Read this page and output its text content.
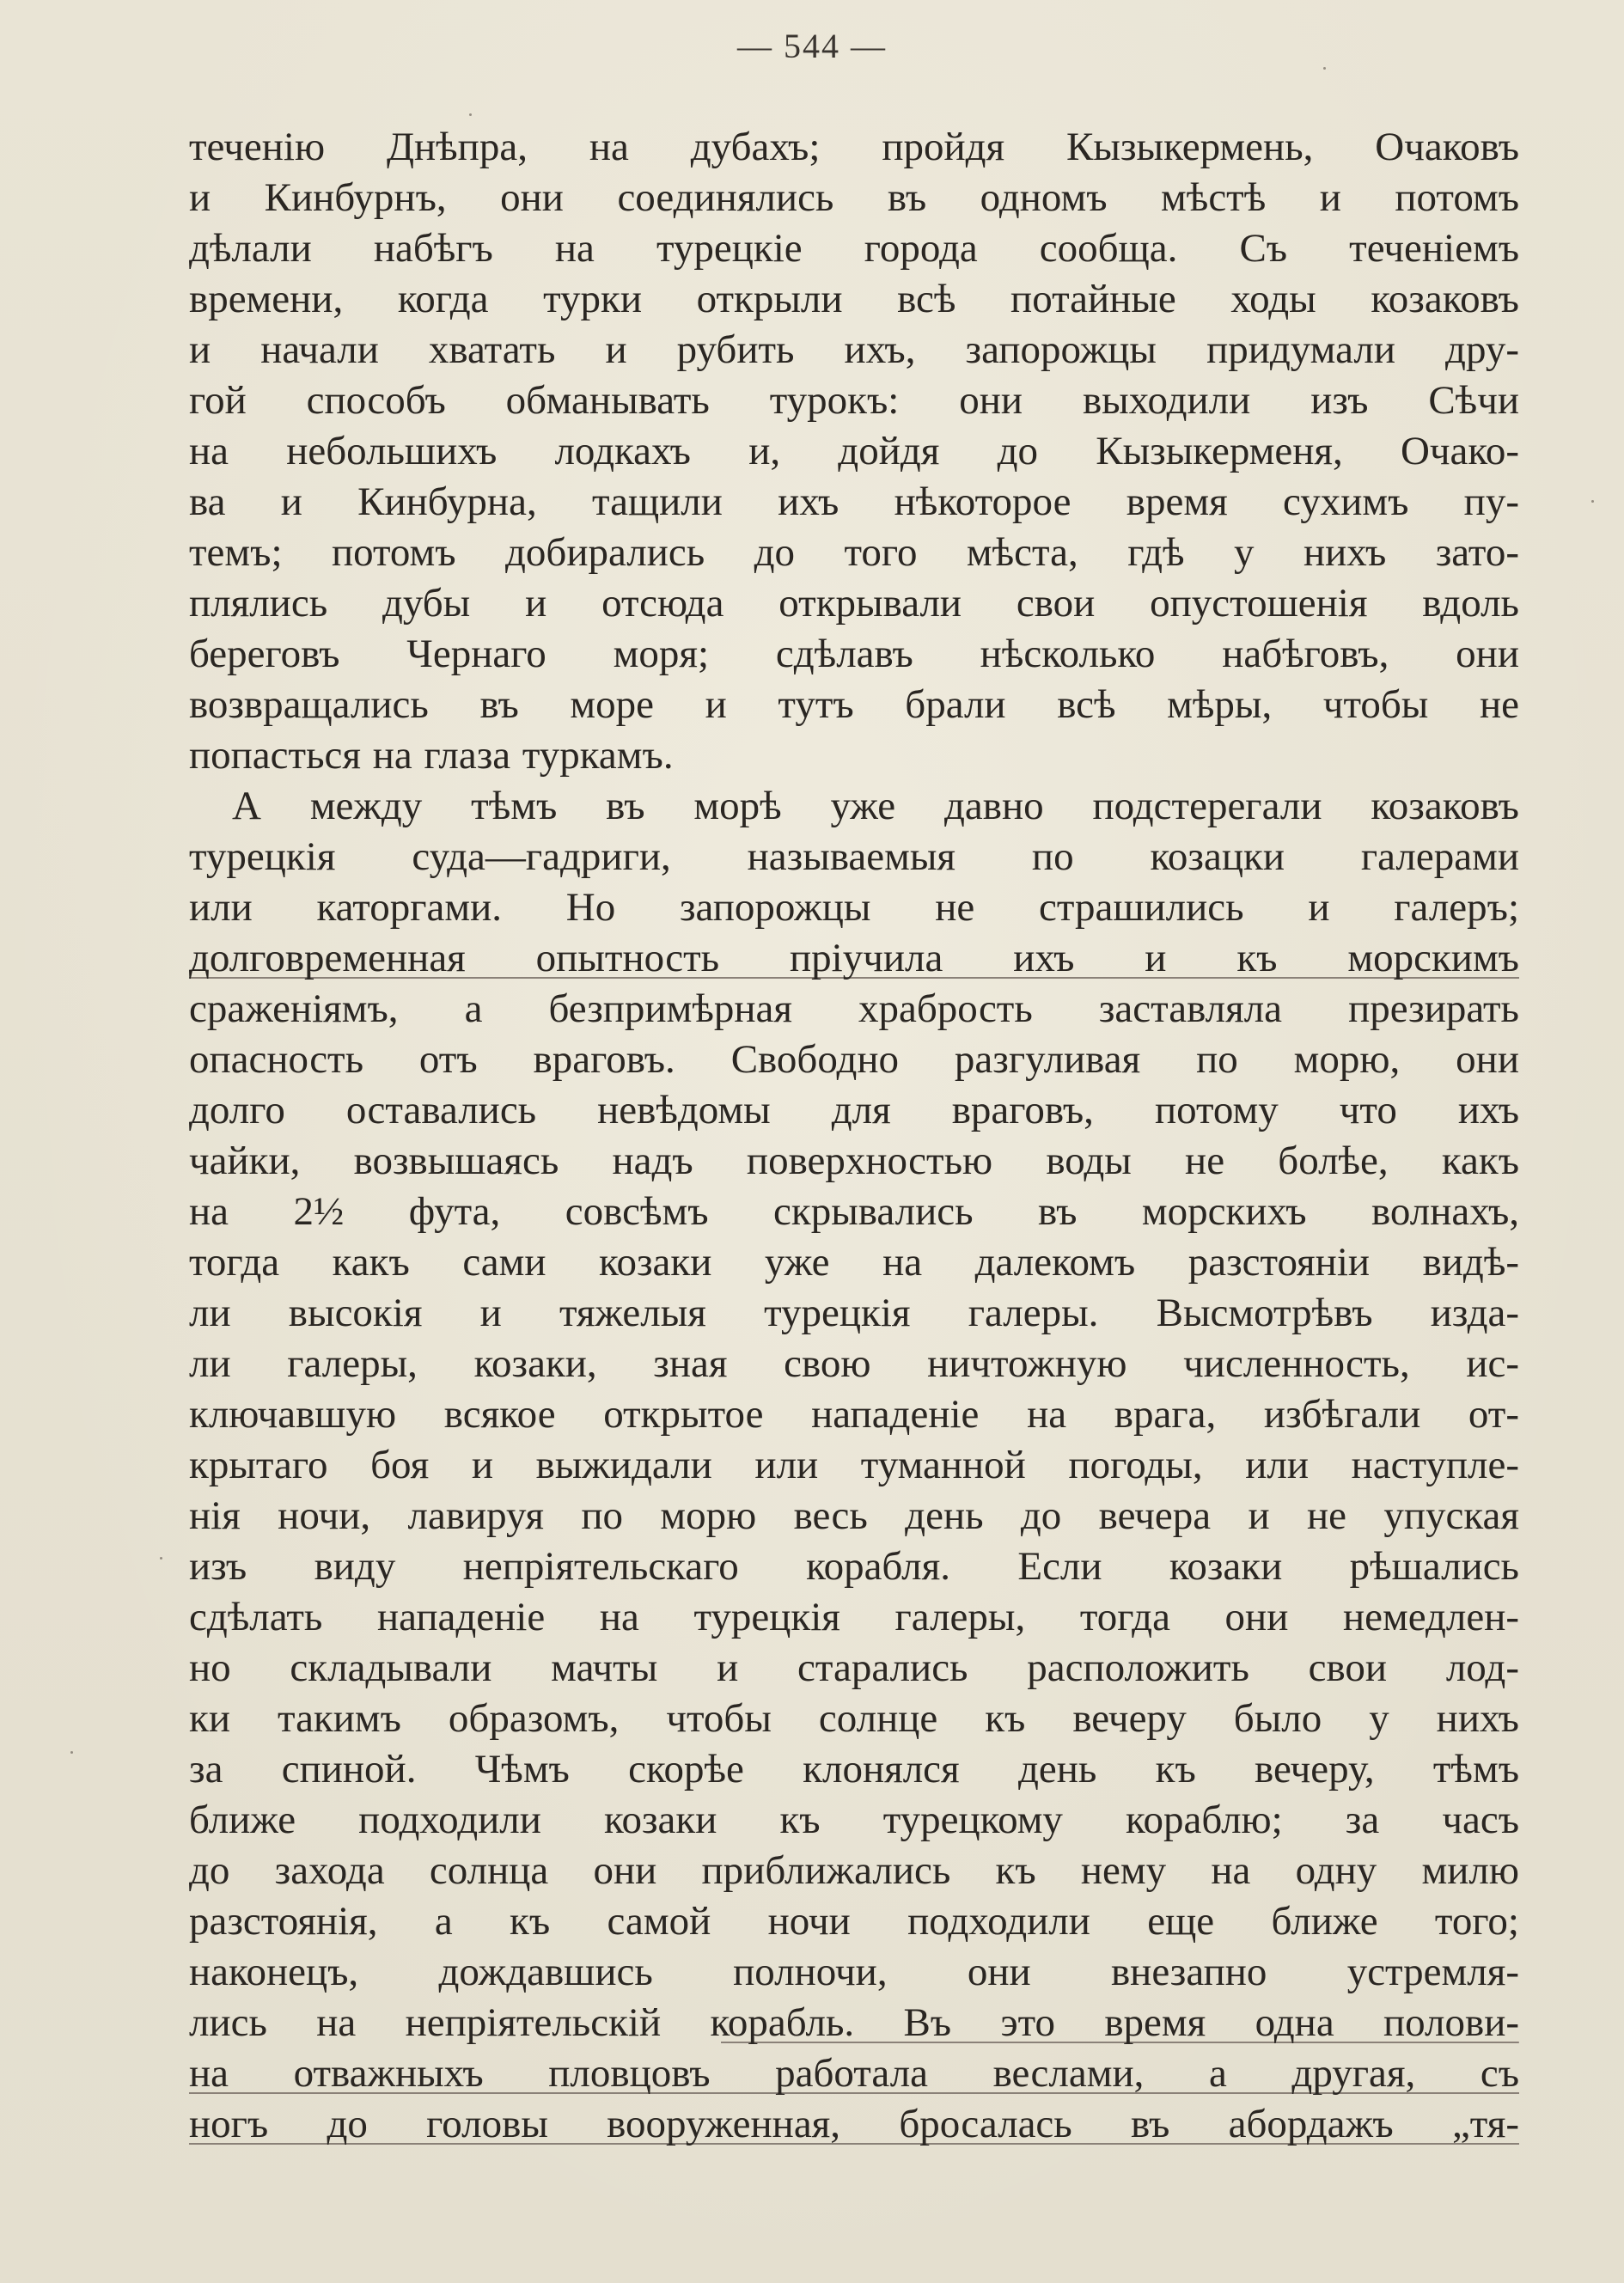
— 544 —
теченію Днѣпра, на дубахъ; пройдя Кызыкермень, Очаковъ
и Кинбурнъ, они соединялись въ одномъ мѣстѣ и потомъ
дѣлали набѣгъ на турецкіе города сообща. Съ теченіемъ
времени, когда турки открыли всѣ потайные ходы козаковъ
и начали хватать и рубить ихъ, запорожцы придумали дру-
гой способъ обманывать турокъ: они выходили изъ Сѣчи
на небольшихъ лодкахъ и, дойдя до Кызыкерменя, Очако-
ва и Кинбурна, тащили ихъ нѣкоторое время сухимъ пу-
темъ; потомъ добирались до того мѣста, гдѣ у нихъ зато-
плялись дубы и отсюда открывали свои опустошенія вдоль
береговъ Чернаго моря; сдѣлавъ нѣсколько набѣговъ, они
возвращались въ море и тутъ брали всѣ мѣры, чтобы не
попасться на глаза туркамъ.
А между тѣмъ въ морѣ уже давно подстерегали козаковъ
турецкія суда—гадриги, называемыя по козацки галерами
или каторгами. Но запорожцы не страшились и галеръ;
долговременная опытность пріучила ихъ и къ морскимъ
сраженіямъ, а безпримѣрная храбрость заставляла презирать
опасность отъ враговъ. Свободно разгуливая по морю, они
долго оставались невѣдомы для враговъ, потому что ихъ
чайки, возвышаясь надъ поверхностью воды не болѣе, какъ
на 2½ фута, совсѣмъ скрывались въ морскихъ волнахъ,
тогда какъ сами козаки уже на далекомъ разстояніи видѣ-
ли высокія и тяжелыя турецкія галеры. Высмотрѣвъ изда-
ли галеры, козаки, зная свою ничтожную численность, ис-
ключавшую всякое открытое нападеніе на врага, избѣгали от-
крытаго боя и выжидали или туманной погоды, или наступле-
нія ночи, лавируя по морю весь день до вечера и не упуская
изъ виду непріятельскаго корабля. Если козаки рѣшались
сдѣлать нападеніе на турецкія галеры, тогда они немедлен-
но складывали мачты и старались расположить свои лод-
ки такимъ образомъ, чтобы солнце къ вечеру было у нихъ
за спиной. Чѣмъ скорѣе клонялся день къ вечеру, тѣмъ
ближе подходили козаки къ турецкому кораблю; за часъ
до захода солнца они приближались къ нему на одну милю
разстоянія, а къ самой ночи подходили еще ближе того;
наконецъ, дождавшись полночи, они внезапно устремля-
лись на непріятельскій корабль. Въ это время одна полови-
на отважныхъ пловцовъ работала веслами, а другая, съ
ногъ до головы вооруженная, бросалась въ абордажъ „тя-
